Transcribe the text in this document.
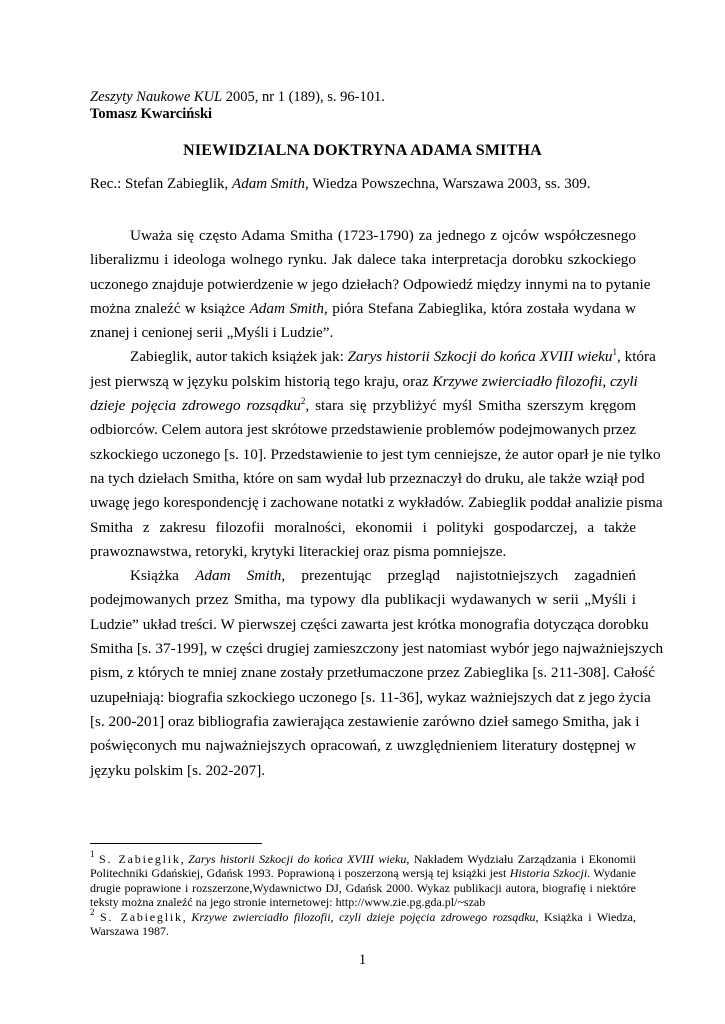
Zeszyty Naukowe KUL 2005, nr 1 (189), s. 96-101.
Tomasz Kwarciński
NIEWIDZIALNA DOKTRYNA ADAMA SMITHA
Rec.: Stefan Zabieglik, Adam Smith, Wiedza Powszechna, Warszawa 2003, ss. 309.
Uważa się często Adama Smitha (1723-1790) za jednego z ojców współczesnego
liberalizmu i ideologa wolnego rynku. Jak dalece taka interpretacja dorobku szkockiego
uczonego znajduje potwierdzenie w jego dziełach? Odpowiedź między innymi na to pytanie
można znaleźć w książce Adam Smith, pióra Stefana Zabieglika, która została wydana w
znanej i cenionej serii „Myśli i Ludzie”.
Zabieglik, autor takich książek jak: Zarys historii Szkocji do końca XVIII wieku$^1$, która
jest pierwszą w języku polskim historią tego kraju, oraz Krzywe zwierciadło filozofii, czyli
dzieje pojęcia zdrowego rozsądku$^2$, stara się przybliżyć myśl Smitha szerszym kręgom
odbiorców. Celem autora jest skrótowe przedstawienie problemów podejmowanych przez
szkockiego uczonego [s. 10]. Przedstawienie to jest tym cenniejsze, że autor oparł je nie tylko
na tych dziełach Smitha, które on sam wydał lub przeznaczył do druku, ale także wziął pod
uwagę jego korespondencję i zachowane notatki z wykładów. Zabieglik poddał analizie pisma
Smitha z zakresu filozofii moralności, ekonomii i polityki gospodarczej, a także
prawoznawstwa, retoryki, krytyki literackiej oraz pisma pomniejsze.
Książka Adam Smith, prezentując przegląd najistotniejszych zagadnień
podejmowanych przez Smitha, ma typowy dla publikacji wydawanych w serii „Myśli i
Ludzie” układ treści. W pierwszej części zawarta jest krótka monografia dotycząca dorobku
Smitha [s. 37-199], w części drugiej zamieszczony jest natomiast wybór jego najważniejszych
pism, z których te mniej znane zostały przetłumaczone przez Zabieglika [s. 211-308]. Całość
uzupełniają: biografia szkockiego uczonego [s. 11-36], wykaz ważniejszych dat z jego życia
[s. 200-201] oraz bibliografia zawierająca zestawienie zarówno dzieł samego Smitha, jak i
poświęconych mu najważniejszych opracowań, z uwzględnieniem literatury dostępnej w
języku polskim [s. 202-207].
$^1$ S. Zabieglik, Zarys historii Szkocji do końca XVIII wieku, Nakładem Wydziału Zarządzania i Ekonomii
Politechniki Gdańskiej, Gdańsk 1993. Poprawioną i poszerzoną wersją tej książki jest Historia Szkocji. Wydanie
drugie poprawione i rozszerzone,Wydawnictwo DJ, Gdańsk 2000. Wykaz publikacji autora, biografię i niektóre
teksty można znaleźć na jego stronie internetowej: http://www.zie.pg.gda.pl/~szab
$^2$ S. Zabieglik, Krzywe zwierciadło filozofii, czyli dzieje pojęcia zdrowego rozsądku, Książka i Wiedza,
Warszawa 1987.
1
